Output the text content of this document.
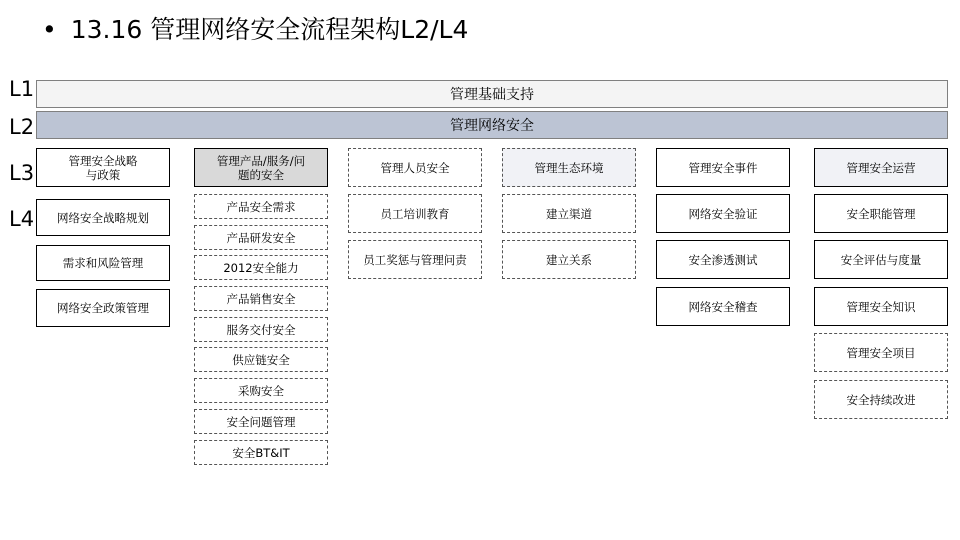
• 13.16 管理网络安全流程架构L2/L4
L1
L2
L3
L4
管理基础支持
管理网络安全
管理安全战略
与政策
网络安全战略规划
需求和风险管理
网络安全政策管理
管理产品/服务/问
题的安全
产品安全需求
产品研发安全
2012安全能力
产品销售安全
服务交付安全
供应链安全
采购安全
安全问题管理
安全BT&IT
管理人员安全
员工培训教育
员工奖惩与管理问责
管理生态环境
建立渠道
建立关系
管理安全事件
网络安全验证
安全渗透测试
网络安全稽查
管理安全运营
安全职能管理
安全评估与度量
管理安全知识
管理安全项目
安全持续改进
